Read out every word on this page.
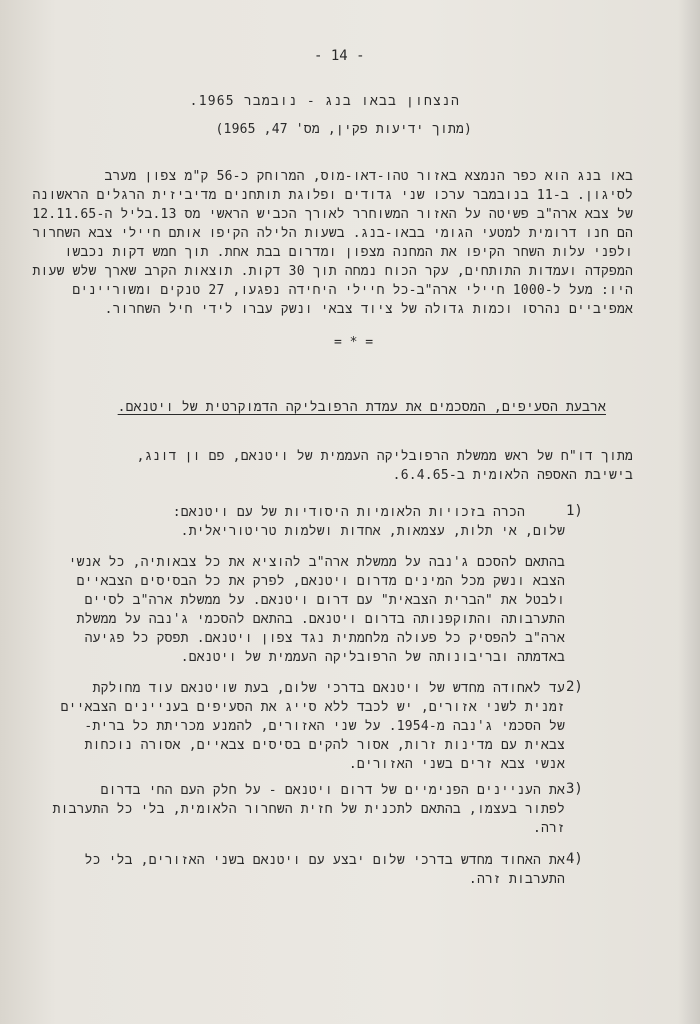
- 14 -
הנצחון בבאו בנג - נובמבר 1965.
(מתוך ידיעות פקין, מס' 47, 1965)
באו בנג הוא כפר הנמצא באזור טהו-דאו-מוס, המרוחק כ-56 ק"מ צפון מערב
לסיגון. ב-11 בנובמבר ערכו שני גדודים ופלוגת תותחנים מדיביזית הרגלים הראשונה
של צבא ארה"ב פשיטה על האזור המשוחרר לאורך הכביש הראשי מס 13.בליל ה-12.11.65
הם חנו דרומית למטעי הגומי בבאו-בנג. בשעות הלילה הקיפו אותם חיילי צבא השחרור
ולפני עלות השחר הקיפו את המחנה מצפון ומדרום בבת אחת. תוך חמש דקות נכבשו
המפקדה ועמדות התותחים, עקר הכוח נמחה תוך 30 דקות. תוצאות הקרב שארך שלש שעות
היו: מעל ל-1000 חיילי ארה"ב-כל חיילי היחידה נפגעו, 27 טנקים ומשוריינים
אמפיביים נהרסו וכמות גדולה של ציוד צבאי ונשק עברו לידי חיל השחרור.
= * =
ארבעת הסעיפים, המסכמים את עמדת הרפובליקה הדמוקרטית של ויטנאם.
מתוך דו"ח של ראש ממשלת הרפובליקה העממית של ויטנאם, פם ון דונג,
בישיבת האספה הלאומית ב-6.4.65.
1)
הכרה בזכויות הלאומיות היסודיות של עם ויטנאם:
שלום, אי תלות, עצמאות, אחדות ושלמות טריטוריאלית.
בהתאם להסכם ג'נבה על ממשלת ארה"ב להוציא את כל צבאותיה, כל אנשי
הצבא ונשק מכל המינים מדרום ויטנאם, לפרק את כל הבסיסים הצבאיים
ולבטל את "הברית הצבאית" עם דרום ויטנאם. על ממשלת ארה"ב לסיים
התערבותה והתוקפנותה בדרום ויטנאם. בהתאם להסכמי ג'נבה על ממשלת
ארה"ב להפסיק כל פעולה מלחמתית נגד צפון ויטנאם. תפסק כל פגיעה
באדמתה ובריבונותה של הרפובליקה העממית של ויטנאם.
2)
עד לאחודה מחדש של ויטנאם בדרכי שלום, בעת שויטנאם עוד מחולקת
זמנית לשני אזורים, יש לכבד ללא סייג את הסעיפים בעניינים הצבאיים
של הסכמי ג'נבה מ-1954. על שני האזורים, להמנע מכריתת כל ברית-
צבאית עם מדינות זרות, אסור להקים בסיסים צבאיים, אסורה נוכחות
אנשי צבא זרים בשני האזורים.
3)
את העניינים הפנימיים של דרום ויטנאם - על חלק העם החי בדרום
לפתור בעצמו, בהתאם לתכנית של חזית השחרור הלאומית, בלי כל התערבות
זרה.
4)
את האחוד מחדש בדרכי שלום יבצע עם ויטנאם בשני האזורים, בלי כל
התערבות זרה.
